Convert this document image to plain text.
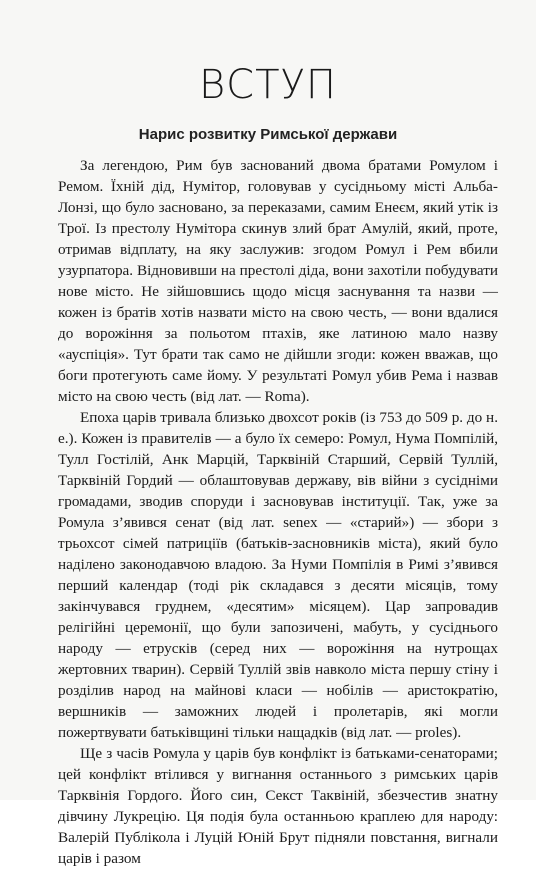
ВСТУП
Нарис розвитку Римської держави

За легендою, Рим був заснований двома братами Ромулом і Ремом. Їхній дід, Нумітор, головував у сусідньому місті Альба-Лонзі, що було засновано, за переказами, самим Енеєм, який утік із Трої. Із престолу Нумітора скинув злий брат Амулій, який, проте, отримав відплату, на яку заслужив: згодом Ромул і Рем вбили узурпатора. Відновивши на престолі діда, вони захотіли побудувати нове місто. Не зійшовшись щодо місця заснування та назви — кожен із братів хотів назвати місто на свою честь, — вони вдалися до ворожіння за польотом птахів, яке латиною мало назву «ауспіція». Тут брати так само не дійшли згоди: кожен вважав, що боги протегують саме йому. У результаті Ромул убив Рема і назвав місто на свою честь (від лат. — Roma).

Епоха царів тривала близько двохсот років (із 753 до 509 р. до н. е.). Кожен із правителів — а було їх семеро: Ромул, Нума Помпілій, Тулл Гостілій, Анк Марцій, Тарквіній Старший, Сервій Туллій, Тарквіній Гордий — облаштовував державу, вів війни з сусідніми громадами, зводив споруди і засновував інституції. Так, уже за Ромула з’явився сенат (від лат. senex — «старий») — збори з трьохсот сімей патриціїв (батьків-засновників міста), який було наділено законодавчою владою. За Нуми Помпілія в Римі з’явився перший календар (тоді рік складався з десяти місяців, тому закінчувався груднем, «десятим» місяцем). Цар запровадив релігійні церемонії, що були запозичені, мабуть, у сусіднього народу — етрусків (серед них — ворожіння на нутрощах жертовних тварин). Сервій Туллій звів навколо міста першу стіну і розділив народ на майнові класи — нобілів — аристократію, вершників — заможних людей і пролетарів, які могли пожертвувати батьківщині тільки нащадків (від лат. — proles).

Ще з часів Ромула у царів був конфлікт із батьками-сенаторами; цей конфлікт втілився у вигнання останнього з римських царів Тарквінія Гордого. Його син, Секст Таквіній, збезчестив знатну дівчину Лукрецію. Ця подія була останньою краплею для народу: Валерій Публікола і Луцій Юній Брут підняли повстання, вигнали царів і разом
